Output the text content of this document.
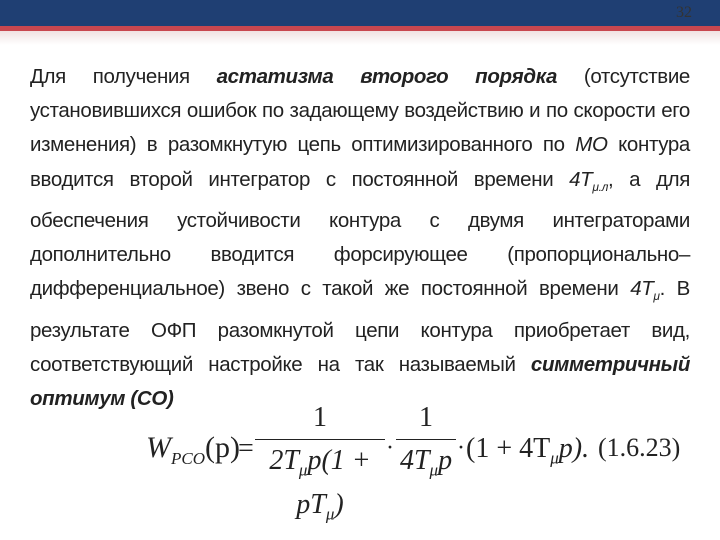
32
Для получения астатизма второго порядка (отсутствие установившихся ошибок по задающему воздействию и по скорости его изменения) в разомкнутую цепь оптимизированного по МО контура вводится второй интегратор с постоянной времени $4T_{\mu.л}$, а для обеспечения устойчивости контура с двумя интеграторами дополнительно вводится форсирующее (пропорционально–дифференциальное) звено с такой же постоянной времени $4T_\mu$. В результате ОФП разомкнутой цепи контура приобретает вид, соответствующий настройке на так называемый симметричный оптимум (СО)
$W_{PCO}(p)$
=
1
$2T_\mu p(1 + pT_\mu)$
·
1
$4T_\mu p \cdot (1 + 4T_\mu p)$. (1.6.23)
